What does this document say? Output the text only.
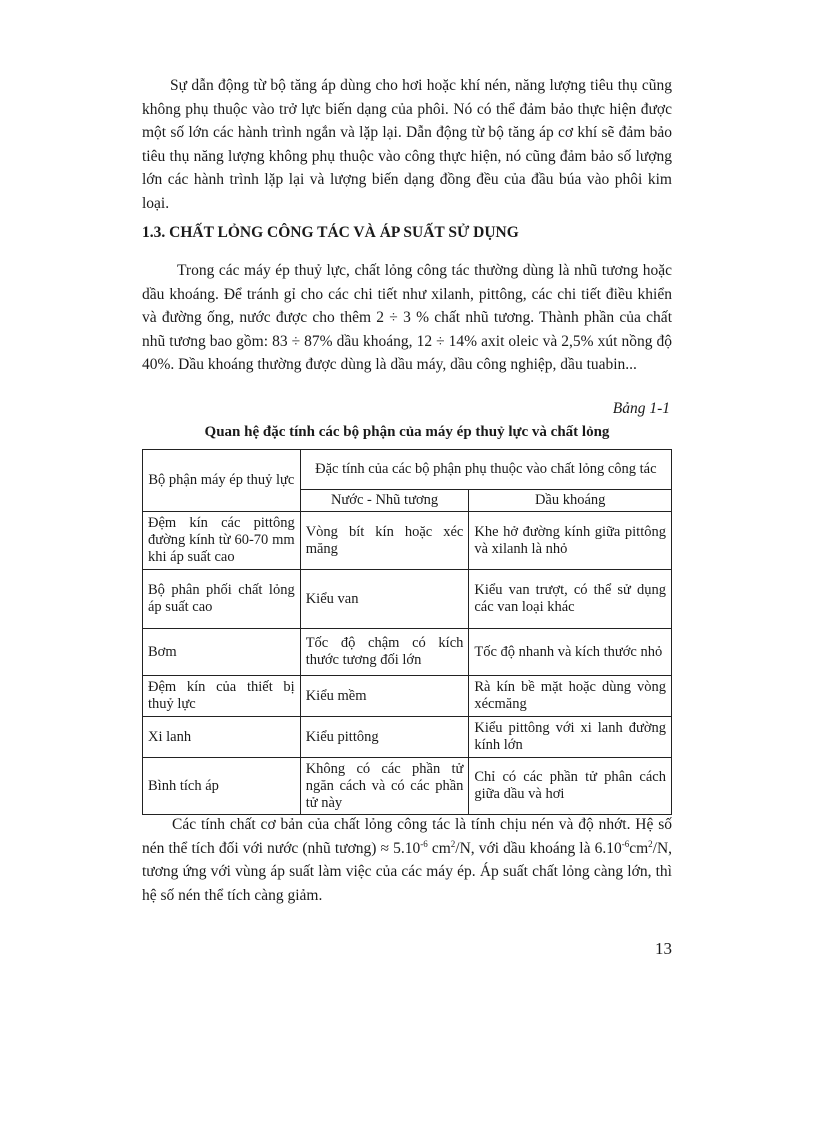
Sự dẫn động từ bộ tăng áp dùng cho hơi hoặc khí nén, năng lượng tiêu thụ cũng không phụ thuộc vào trở lực biến dạng của phôi. Nó có thể đảm bảo thực hiện được một số lớn các hành trình ngắn và lặp lại. Dẫn động từ bộ tăng áp cơ khí sẽ đảm bảo tiêu thụ năng lượng không phụ thuộc vào công thực hiện, nó cũng đảm bảo số lượng lớn các hành trình lặp lại và lượng biến dạng đồng đều của đầu búa vào phôi kim loại.

1.3. CHẤT LỎNG CÔNG TÁC VÀ ÁP SUẤT SỬ DỤNG

Trong các máy ép thuỷ lực, chất lỏng công tác thường dùng là nhũ tương hoặc dầu khoáng. Để tránh gỉ cho các chi tiết như xilanh, pittông, các chi tiết điều khiển và đường ống, nước được cho thêm 2 ÷ 3 % chất nhũ tương. Thành phần của chất nhũ tương bao gồm: 83 ÷ 87% dầu khoáng, 12 ÷ 14% axit oleic và 2,5% xút nồng độ 40%. Dầu khoáng thường được dùng là dầu máy, dầu công nghiệp, dầu tuabin...

Bảng 1-1
Quan hệ đặc tính các bộ phận của máy ép thuỷ lực và chất lỏng
Bộ phận máy ép thuỷ lực	Đặc tính của các bộ phận phụ thuộc vào chất lỏng công tác	
	Nước - Nhũ tương	Dầu khoáng
Đệm kín các pittông đường kính từ 60-70 mm khi áp suất cao	Vòng bít kín hoặc xéc măng	Khe hở đường kính giữa pittông và xilanh là nhỏ
Bộ phân phối chất lỏng áp suất cao	Kiểu van	Kiểu van trượt, có thể sử dụng các van loại khác
Bơm	Tốc độ chậm có kích thước tương đối lớn	Tốc độ nhanh và kích thước nhỏ
Đệm kín của thiết bị thuỷ lực	Kiểu mềm	Rà kín bề mặt hoặc dùng vòng xécmăng
Xi lanh	Kiểu pittông	Kiểu pittông với xi lanh đường kính lớn
Bình tích áp	Không có các phần tử ngăn cách và có các phần tử này	Chỉ có các phần tử phân cách giữa dầu và hơi

Các tính chất cơ bản của chất lỏng công tác là tính chịu nén và độ nhớt. Hệ số nén thể tích đối với nước (nhũ tương) ≈ $5.10^{-6}$ $cm^2/N$, với dầu khoáng là $6.10^{-6}cm^2/N$, tương ứng với vùng áp suất làm việc của các máy ép. Áp suất chất lỏng càng lớn, thì hệ số nén thể tích càng giảm.

13
